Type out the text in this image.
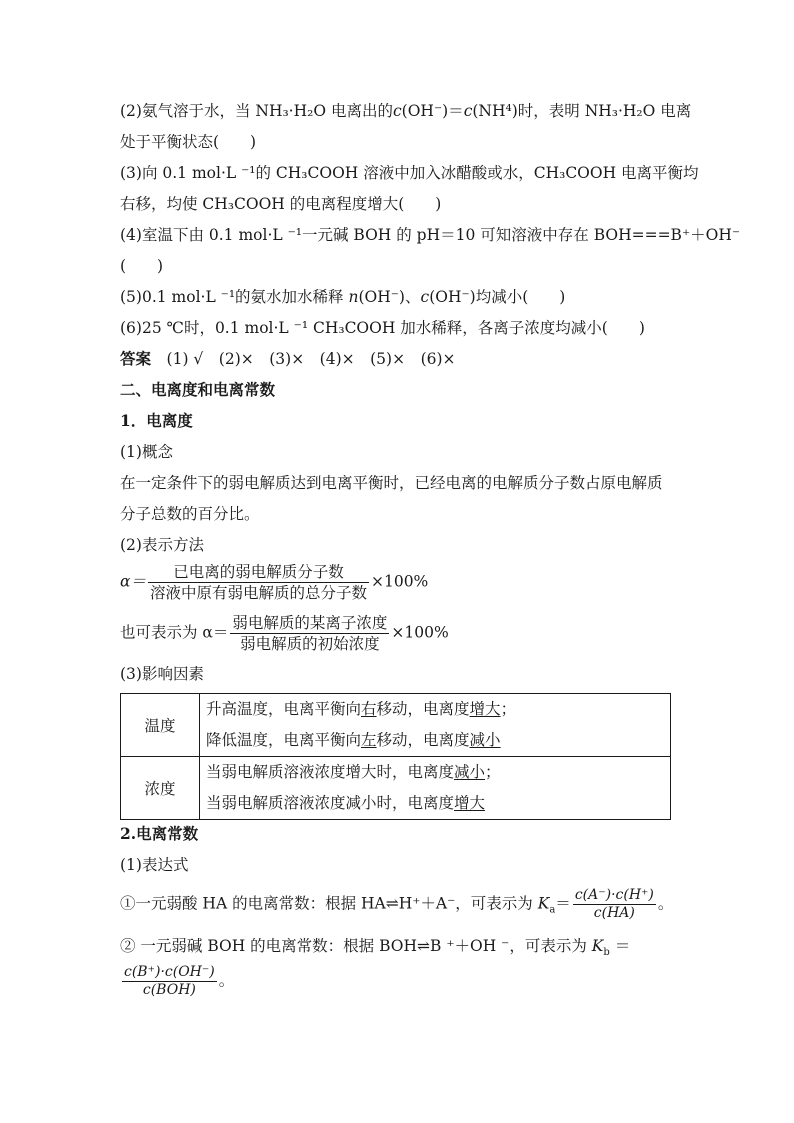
(2)氨气溶于水，当 NH₃·H₂O 电离出的c(OH⁻)＝c(NH⁴)时，表明 NH₃·H₂O 电离
处于平衡状态(　　)
(3)向 0.1 mol·L ⁻¹的 CH₃COOH 溶液中加入冰醋酸或水，CH₃COOH 电离平衡均
右移，均使 CH₃COOH 的电离程度增大(　　)
(4)室温下由 0.1 mol·L ⁻¹一元碱 BOH 的 pH＝10 可知溶液中存在 BOH===B⁺＋OH⁻
(　　)
(5)0.1 mol·L ⁻¹的氨水加水稀释 n(OH⁻)、c(OH⁻)均减小(　　)
(6)25 ℃时，0.1 mol·L ⁻¹ CH₃COOH 加水稀释，各离子浓度均减小(　　)
答案　 (1) √　(2)×　(3)×　(4)×　(5)×　(6)×
二、电离度和电离常数
1．电离度
(1)概念
在一定条件下的弱电解质达到电离平衡时，已经电离的电解质分子数占原电解质
分子总数的百分比。
(2)表示方法
$\alpha= \frac{\text{已电离的弱电解质分子数}}{\text{溶液中原有弱电解质的总分子数}} \times 100\%$
也可表示为 $\alpha= \frac{\text{弱电解质的某离子浓度}}{\text{弱电解质的初始浓度}} \times 100\%$
(3)影响因素
温度	升高温度，电离平衡向右移动，电离度增大；
降低温度，电离平衡向左移动，电离度减小

浓度	当弱电解质溶液浓度增大时，电离度减小；
当弱电解质溶液浓度减小时，电离度增大
2.电离常数
(1)表达式
①一元弱酸 HA 的电离常数：根据 HA⇌H⁺＋A⁻，可表示为 $K_a= \frac{c(A^-)\cdot c(H^+)}{c(HA)}$ 。
② 一元弱碱 BOH 的电离常数：根据 BOH⇌B ⁺＋OH ⁻，可表示为 $K_b$ ＝
$\frac{c(B^+)\cdot c(OH^-)}{\text{c(BOH)}}$ 。
